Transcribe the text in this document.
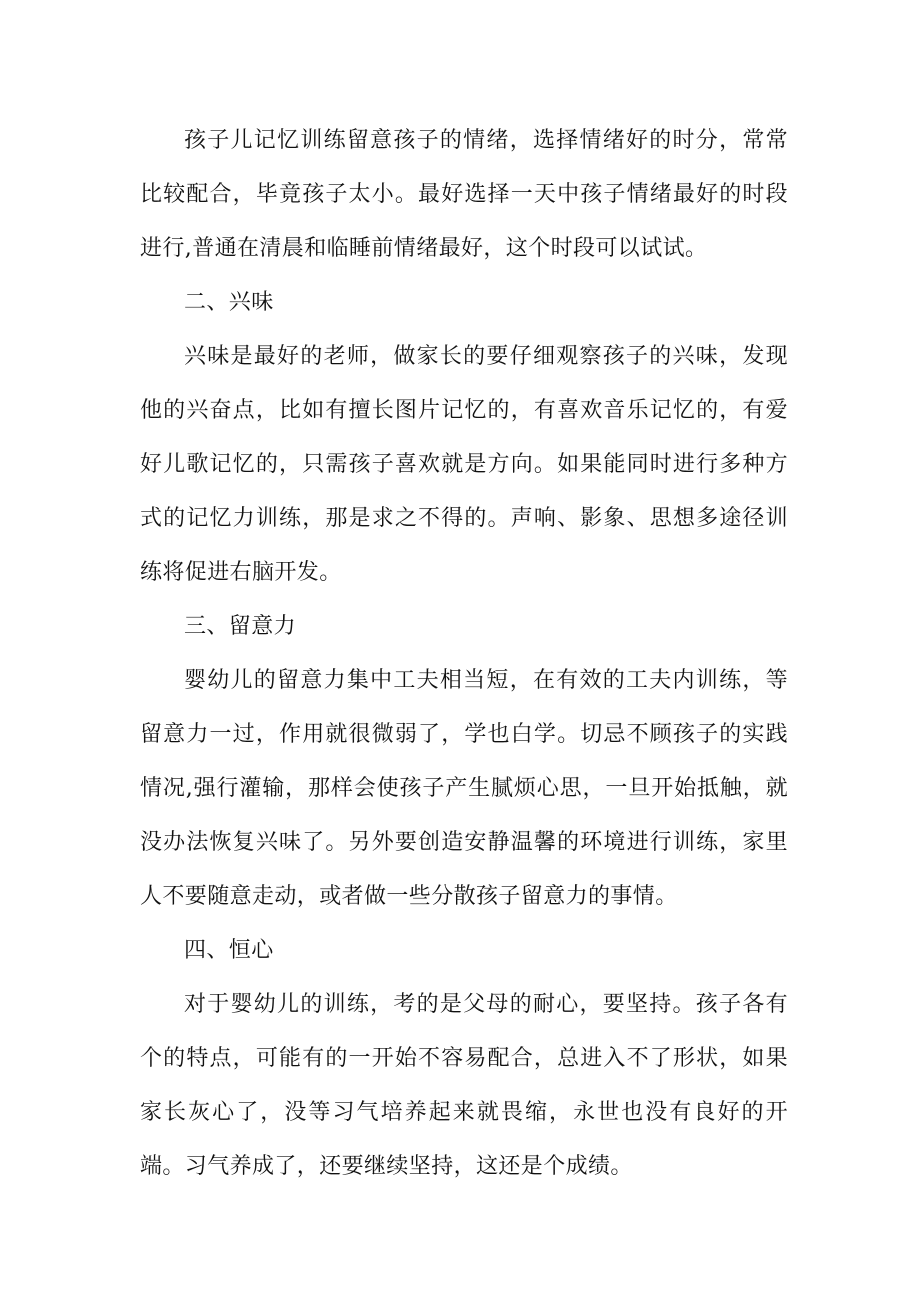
孩子儿记忆训练留意孩子的情绪，选择情绪好的时分，常常比较配合，毕竟孩子太小。最好选择一天中孩子情绪最好的时段进行,普通在清晨和临睡前情绪最好，这个时段可以试试。

二、兴味

兴味是最好的老师，做家长的要仔细观察孩子的兴味，发现他的兴奋点，比如有擅长图片记忆的，有喜欢音乐记忆的，有爱好儿歌记忆的，只需孩子喜欢就是方向。如果能同时进行多种方式的记忆力训练，那是求之不得的。声响、影象、思想多途径训练将促进右脑开发。

三、留意力

婴幼儿的留意力集中工夫相当短，在有效的工夫内训练，等留意力一过，作用就很微弱了，学也白学。切忌不顾孩子的实践情况,强行灌输，那样会使孩子产生腻烦心思，一旦开始抵触，就没办法恢复兴味了。另外要创造安静温馨的环境进行训练，家里人不要随意走动，或者做一些分散孩子留意力的事情。

四、恒心

对于婴幼儿的训练，考的是父母的耐心，要坚持。孩子各有个的特点，可能有的一开始不容易配合，总进入不了形状，如果家长灰心了，没等习气培养起来就畏缩，永世也没有良好的开端。习气养成了，还要继续坚持，这还是个成绩。
